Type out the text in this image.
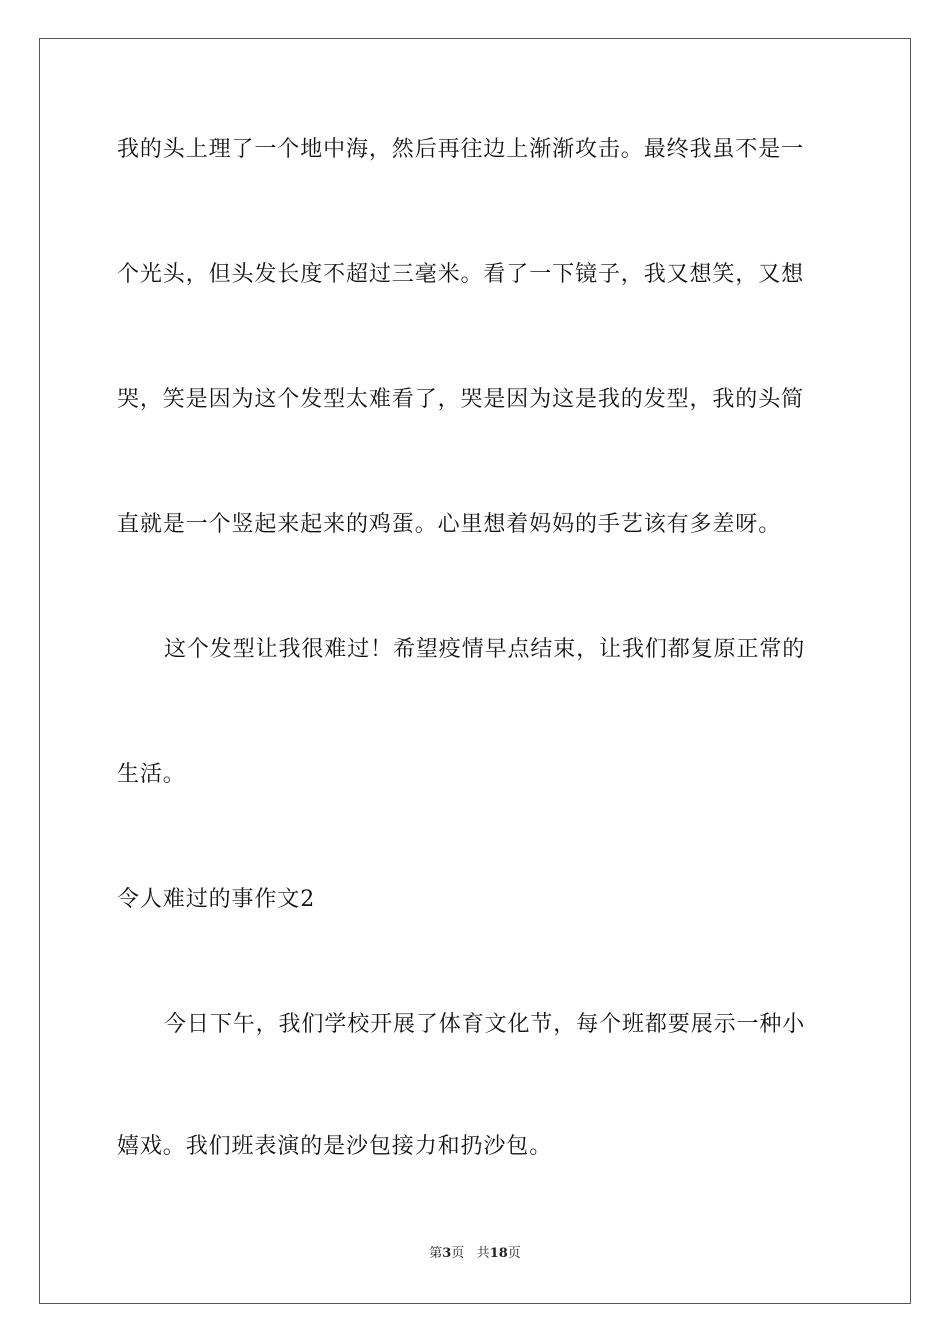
我的头上理了一个地中海，然后再往边上渐渐攻击。最终我虽不是一
个光头，但头发长度不超过三毫米。看了一下镜子，我又想笑，又想
哭，笑是因为这个发型太难看了，哭是因为这是我的发型，我的头简
直就是一个竖起来起来的鸡蛋。心里想着妈妈的手艺该有多差呀。
这个发型让我很难过！希望疫情早点结束，让我们都复原正常的
生活。
令人难过的事作文2
今日下午，我们学校开展了体育文化节，每个班都要展示一种小
嬉戏。我们班表演的是沙包接力和扔沙包。
第3页 共18页
